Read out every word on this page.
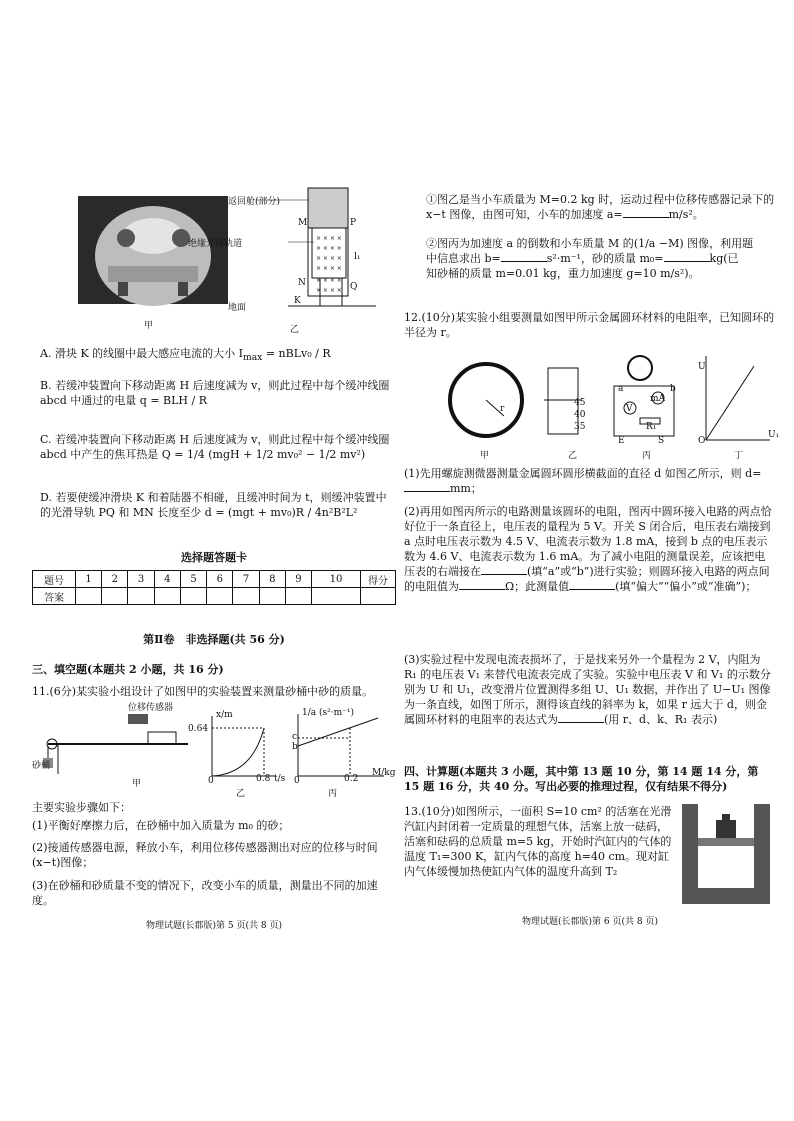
甲
× × × ×
× × × ×
× × × ×
× × × ×
× × × ×
× × × ×
返回舱(部分)
绝缘光滑轨道
地面
K
M
N
P
Q
l₁
乙
A. 滑块 K 的线圈中最大感应电流的大小 $I_{max}$ = nBLv₀ / R
B. 若缓冲装置向下移动距离 H 后速度减为 v，则此过程中每个缓冲线圈 abcd 中通过的电量 q = BLH / R
C. 若缓冲装置向下移动距离 H 后速度减为 v，则此过程中每个缓冲线圈 abcd 中产生的焦耳热是 Q = 1/4 (mgH + 1/2 mv₀² − 1/2 mv²)
D. 若要使缓冲滑块 K 和着陆器不相碰，且缓冲时间为 t，则缓冲装置中的光滑导轨 PQ 和 MN 长度至少 d = (mgt + mv₀)R / 4n²B²L²
选择题答题卡
题号	1	2	3	4	5	6	7	8	9	10	得分
答案											
第Ⅱ卷　非选择题(共 56 分)
三、填空题(本题共 2 小题，共 16 分)
11.(6分)某实验小组设计了如图甲的实验装置来测量砂桶中砂的质量。
位移传感器
砂桶
甲
x/m
0.64
0	0.8 t/s
乙
1/a (s²·m⁻¹)
c
b
0	0.2
M/kg
丙
主要实验步骤如下：
(1)平衡好摩擦力后，在砂桶中加入质量为 m₀ 的砂；
(2)接通传感器电源，释放小车，利用位移传感器测出对应的位移与时间(x−t)图像；
(3)在砂桶和砂质量不变的情况下，改变小车的质量，测量出不同的加速度。
物理试题(长郡版)第 5 页(共 8 页)
①图乙是当小车质量为 M=0.2 kg 时，运动过程中位移传感器记录下的 x−t 图像，由图可知，小车的加速度 a=	m/s²。
②图丙为加速度 a 的倒数和小车质量 M 的(1/a −M) 图像，利用题
中信息求出 b=	s²·m⁻¹，砂的质量 m₀=	kg(已
知砂桶的质量 m=0.01 kg，重力加速度 g=10 m/s²)。
12.(10分)某实验小组要测量如图甲所示金属圆环材料的电阻率，已知圆环的半径为 r。
r
45
40
35
V
mA
a	b
R₁
E	S
U
U₁
O
甲	乙	丙	丁
(1)先用螺旋测微器测量金属圆环圆形横截面的直径 d 如图乙所示，则 d=mm；
(2)再用如图丙所示的电路测量该圆环的电阻，图丙中圆环接入电路的两点恰好位于一条直径上，电压表的量程为 5 V。开关 S 闭合后，电压表右端接到 a 点时电压表示数为 4.5 V、电流表示数为 1.8 mA，接到 b 点的电压表示数为 4.6 V、电流表示数为 1.6 mA。为了减小电阻的测量误差，应该把电压表的右端接在	(填“a”或“b”)进行实验；则圆环接入电路的两点间的电阻值为	Ω；此测量值	(填“偏大”“偏小”或“准确”)；
(3)实验过程中发现电流表损坏了，于是找来另外一个量程为 2 V，内阻为 R₁ 的电压表 V₁ 来替代电流表完成了实验。实验中电压表 V 和 V₁ 的示数分别为 U 和 U₁，改变滑片位置测得多组 U、U₁ 数据，并作出了 U−U₁ 图像为一条直线，如图丁所示，测得该直线的斜率为 k，如果 r 远大于 d，则金属圆环材料的电阻率的表达式为	(用 r、d、k、R₁ 表示)
四、计算题(本题共 3 小题，其中第 13 题 10 分，第 14 题 14 分，第 15 题 16 分，共 40 分。写出必要的推理过程，仅有结果不得分)
13.(10分)如图所示，一面积 S=10 cm² 的活塞在光滑汽缸内封闭着一定质量的理想气体，活塞上放一砝码，活塞和砝码的总质量 m=5 kg，开始时汽缸内的气体的温度 T₁=300 K，缸内气体的高度 h=40 cm。现对缸内气体缓慢加热使缸内气体的温度升高到 T₂
物理试题(长郡版)第 6 页(共 8 页)
